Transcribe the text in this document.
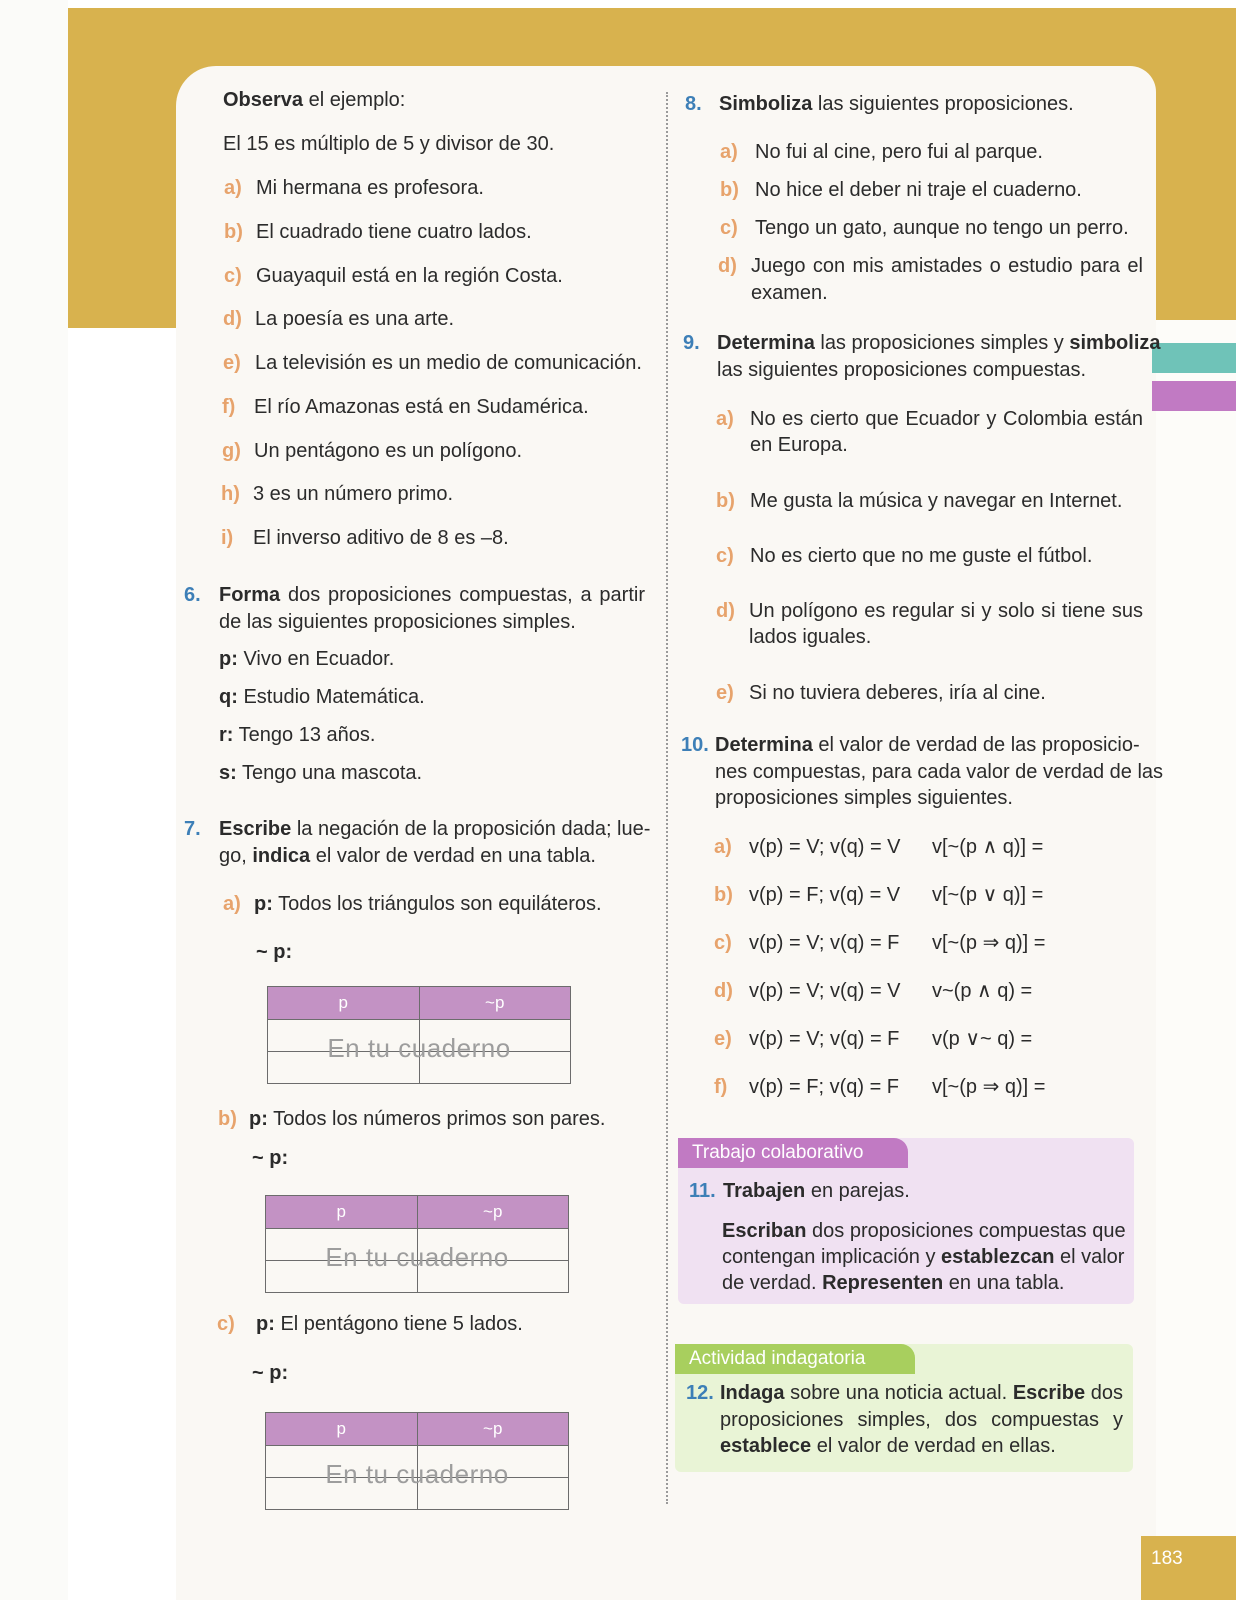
183
Observa el ejemplo:
El 15 es múltiplo de 5 y divisor de 30.
a) Mi hermana es profesora.
b) El cuadrado tiene cuatro lados.
c) Guayaquil está en la región Costa.
d) La poesía es una arte.
e) La televisión es un medio de comunicación.
f) El río Amazonas está en Sudamérica.
g) Un pentágono es un polígono.
h) 3 es un número primo.
i) El inverso aditivo de 8 es –8.
6. Forma dos proposiciones compuestas, a partir
de las siguientes proposiciones simples.
p: Vivo en Ecuador.
q: Estudio Matemática.
r: Tengo 13 años.
s: Tengo una mascota.
7. Escribe la negación de la proposición dada; lue-
go, indica el valor de verdad en una tabla.
a) p: Todos los triángulos son equiláteros.
~ p:
p	~p
En tu cuaderno
b) p: Todos los números primos son pares.
~ p:
p	~p
En tu cuaderno
c) p: El pentágono tiene 5 lados.
~ p:
p	~p
En tu cuaderno
8. Simboliza las siguientes proposiciones.
a) No fui al cine, pero fui al parque.
b) No hice el deber ni traje el cuaderno.
c) Tengo un gato, aunque no tengo un perro.
d) Juego con mis amistades o estudio para el
examen.
9. Determina las proposiciones simples y simboliza
las siguientes proposiciones compuestas.
a) No es cierto que Ecuador y Colombia están
en Europa.
b) Me gusta la música y navegar en Internet.
c) No es cierto que no me guste el fútbol.
d) Un polígono es regular si y solo si tiene sus
lados iguales.
e) Si no tuviera deberes, iría al cine.
10. Determina el valor de verdad de las proposicio-
nes compuestas, para cada valor de verdad de las
proposiciones simples siguientes.
a) v(p) = V; v(q) = V v[~(p ∧ q)] =
b) v(p) = F; v(q) = V v[~(p ∨ q)] =
c) v(p) = V; v(q) = F v[~(p ⇒ q)] =
d) v(p) = V; v(q) = V v~(p ∧ q) =
e) v(p) = V; v(q) = F v(p ∨~ q) =
f) v(p) = F; v(q) = F v[~(p ⇒ q)] =
Trabajo colaborativo
11. Trabajen en parejas.
Escriban dos proposiciones compuestas que
contengan implicación y establezcan el valor
de verdad. Representen en una tabla.
Actividad indagatoria
12. Indaga sobre una noticia actual. Escribe dos
proposiciones simples, dos compuestas y
establece el valor de verdad en ellas.
